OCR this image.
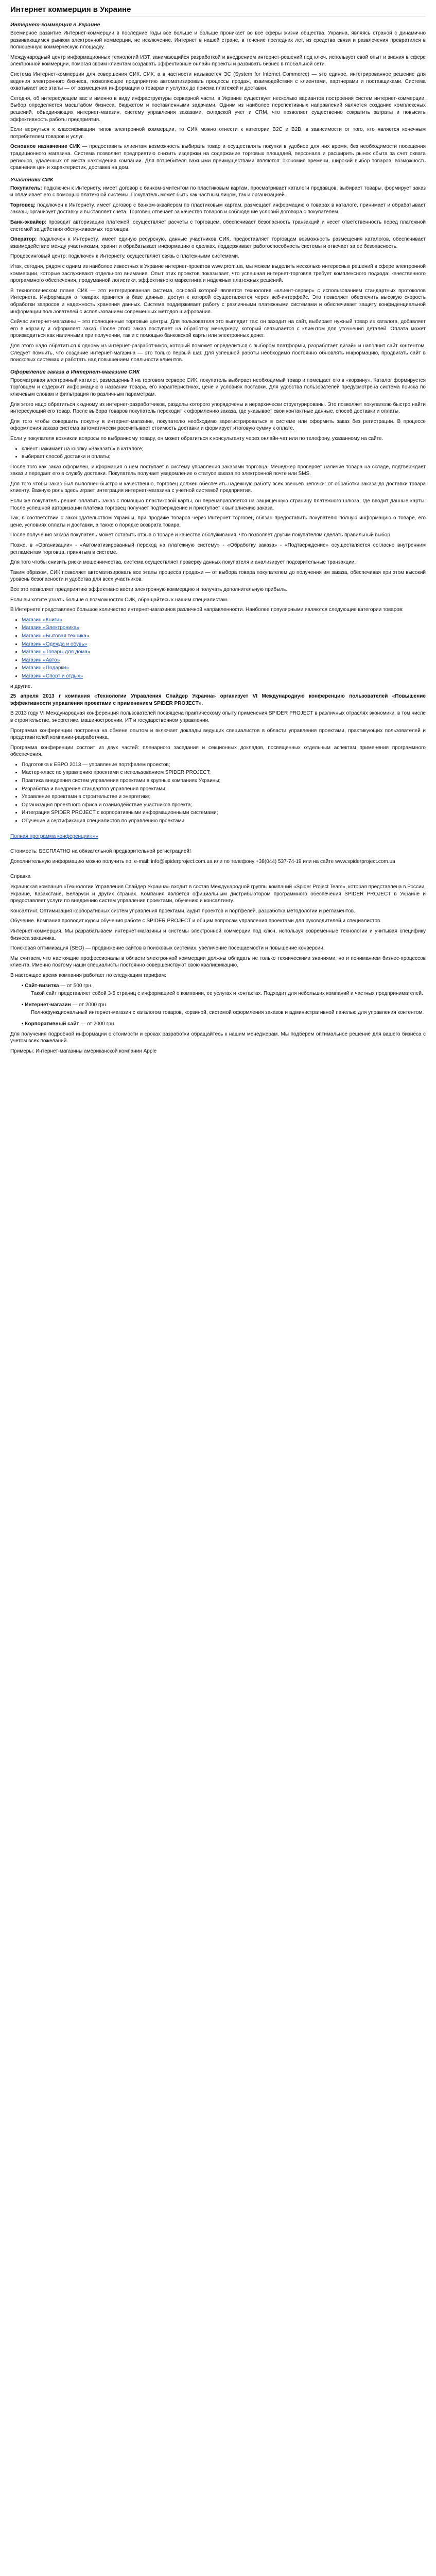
Интернет коммерция в Украине
Интернет-коммерция в Украине

Всемирное развитие Интернет-коммерции в последние годы все больше и больше проникает во все сферы жизни общества. Украина, являясь страной с динамично развивающимся рынком электронной коммерции, не исключение. Интернет в нашей стране, в течение последних лет, из средства связи и развлечения превратился в полноценную коммерческую площадку.

Международный центр информационных технологий ИЗТ, занимающийся разработкой и внедрением интернет-решений под ключ, использует свой опыт и знания в сфере электронной коммерции, помогая своим клиентам создавать эффективные онлайн-проекты и развивать бизнес в глобальной сети.

Система Интернет-коммерции для совершения СИК. СИК, а в частности называется ЭС (System for Internet Commerce) — это единое, интегрированное решение для ведения электронного бизнеса, позволяющее предприятию автоматизировать процессы продаж, взаимодействия с клиентами, партнерами и поставщиками. Система охватывает все этапы — от размещения информации о товарах и услугах до приема платежей и доставки.

Сегодня, об интересующем вас и именно в виду инфраструктуры серверной части, в Украине существует несколько вариантов построения систем интернет-коммерции. Выбор определяется масштабом бизнеса, бюджетом и поставленными задачами. Одним из наиболее перспективных направлений является создание комплексных решений, объединяющих интернет-магазин, систему управления заказами, складской учет и CRM, что позволяет существенно сократить затраты и повысить эффективность работы предприятия.

Если вернуться к классификации типов электронной коммерции, то СИК можно отнести к категории B2C и B2B, в зависимости от того, кто является конечным потребителем товаров и услуг.

Основное назначение СИК — предоставить клиентам возможность выбирать товар и осуществлять покупки в удобное для них время, без необходимости посещения традиционного магазина. Система позволяет предприятию снизить издержки на содержание торговых площадей, персонала и расширить рынок сбыта за счет охвата регионов, удаленных от места нахождения компании. Для потребителя важными преимуществами являются: экономия времени, широкий выбор товаров, возможность сравнения цен и характеристик, доставка на дом.

Участники СИК

Покупатель: подключен к Интернету, имеет договор с банком-эмитентом по пластиковым картам, просматривает каталоги продавцов, выбирает товары, формирует заказ и оплачивает его с помощью платежной системы. Покупатель может быть как частным лицом, так и организацией.

Торговец: подключен к Интернету, имеет договор с банком-эквайером по пластиковым картам, размещает информацию о товарах в каталоге, принимает и обрабатывает заказы, организует доставку и выставляет счета. Торговец отвечает за качество товаров и соблюдение условий договора с покупателем.

Банк-эквайер: проводит авторизацию платежей, осуществляет расчеты с торговцем, обеспечивает безопасность транзакций и несет ответственность перед платежной системой за действия обслуживаемых торговцев.

Оператор: подключен к Интернету, имеет единую ресурсную, данные участников СИК, предоставляет торговцам возможность размещения каталогов, обеспечивает взаимодействие между участниками, хранит и обрабатывает информацию о сделках, поддерживает работоспособность системы и отвечает за ее безопасность.

Процессинговый центр: подключен к Интернету, осуществляет связь с платежными системами.

Итак, сегодня, рядом с одним из наиболее известных в Украине интернет-проектов www.prom.ua, мы можем выделить несколько интересных решений в сфере электронной коммерции, которые заслуживают отдельного внимания. Опыт этих проектов показывает, что успешная интернет-торговля требует комплексного подхода: качественного программного обеспечения, продуманной логистики, эффективного маркетинга и надежных платежных решений.

В технологическом плане СИК — это интегрированная система, основой которой является технология «клиент-сервер» с использованием стандартных протоколов Интернета. Информация о товарах хранится в базе данных, доступ к которой осуществляется через веб-интерфейс. Это позволяет обеспечить высокую скорость обработки запросов и надежность хранения данных. Система поддерживает работу с различными платежными системами и обеспечивает защиту конфиденциальной информации пользователей с использованием современных методов шифрования.

Сейчас интернет-магазины – это полноценные торговые центры. Для пользователя это выглядит так: он заходит на сайт, выбирает нужный товар из каталога, добавляет его в корзину и оформляет заказ. После этого заказ поступает на обработку менеджеру, который связывается с клиентом для уточнения деталей. Оплата может производиться как наличными при получении, так и с помощью банковской карты или электронных денег.

Для этого надо обратиться к одному из интернет-разработчиков, который поможет определиться с выбором платформы, разработает дизайн и наполнит сайт контентом. Следует помнить, что создание интернет-магазина — это только первый шаг. Для успешной работы необходимо постоянно обновлять информацию, продвигать сайт в поисковых системах и работать над повышением лояльности клиентов.

Оформление заказа в Интернет-магазине СИК

Просматривая электронный каталог, размещенный на торговом сервере СИК, покупатель выбирает необходимый товар и помещает его в «корзину». Каталог формируется торговцем и содержит информацию о названии товара, его характеристиках, цене и условиях поставки. Для удобства пользователей предусмотрена система поиска по ключевым словам и фильтрация по различным параметрам.

Для этого надо обратиться к одному из интернет-разработчиков, разделы которого упорядочены и иерархически структурированы. Это позволяет покупателю быстро найти интересующий его товар. После выбора товаров покупатель переходит к оформлению заказа, где указывает свои контактные данные, способ доставки и оплаты.

Для того чтобы совершить покупку в интернет-магазине, покупателю необходимо зарегистрироваться в системе или оформить заказ без регистрации. В процессе оформления заказа система автоматически рассчитывает стоимость доставки и формирует итоговую сумму к оплате.

Если у покупателя возникли вопросы по выбранному товару, он может обратиться к консультанту через онлайн-чат или по телефону, указанному на сайте.

• клиент нажимает на кнопку «Заказать» в каталоге;
• выбирает способ доставки и оплаты;

После того как заказ оформлен, информация о нем поступает в систему управления заказами торговца. Менеджер проверяет наличие товара на складе, подтверждает заказ и передает его в службу доставки. Покупатель получает уведомление о статусе заказа по электронной почте или SMS.

Для того чтобы заказ был выполнен быстро и качественно, торговец должен обеспечить надежную работу всех звеньев цепочки: от обработки заказа до доставки товара клиенту. Важную роль здесь играет интеграция интернет-магазина с учетной системой предприятия.

Если же покупатель решил оплатить заказ с помощью пластиковой карты, он перенаправляется на защищенную страницу платежного шлюза, где вводит данные карты. После успешной авторизации платежа торговец получает подтверждение и приступает к выполнению заказа.

Так, в соответствии с законодательством Украины, при продаже товаров через Интернет торговец обязан предоставить покупателю полную информацию о товаре, его цене, условиях оплаты и доставки, а также о порядке возврата товара.

После получения заказа покупатель может оставить отзыв о товаре и качестве обслуживания, что позволяет другим покупателям сделать правильный выбор.

Позже, в «Организации» - «Автоматизированный переход на платежную систему» - «Обработку заказа» - «Подтверждение» осуществляется согласно внутренним регламентам торговца, принятым в системе.

Для того чтобы снизить риски мошенничества, система осуществляет проверку данных покупателя и анализирует подозрительные транзакции.

Таким образом, СИК позволяет автоматизировать все этапы процесса продажи — от выбора товара покупателем до получения им заказа, обеспечивая при этом высокий уровень безопасности и удобства для всех участников.

Все это позволяет предприятию эффективно вести электронную коммерцию и получать дополнительную прибыль.

Если вы хотите узнать больше о возможностях СИК, обращайтесь к нашим специалистам.

В Интернете представлено большое количество интернет-магазинов различной направленности. Наиболее популярными являются следующие категории товаров:

• Магазин «Книги»
• Магазин «Электроника»
• Магазин «Бытовая техника»
• Магазин «Одежда и обувь»
• Магазин «Товары для дома»
• Магазин «Авто»
• Магазин «Подарки»
• Магазин «Спорт и отдых»

и другие.

25 апреля 2013 г компания «Технологии Управления Спайдер Украина» организует VI Международную конференцию пользователей «Повышение эффективности управления проектами с применением SPIDER PROJECT».

В 2013 году VI Международная конференция пользователей посвящена практическому опыту применения SPIDER PROJECT в различных отраслях экономики, в том числе в строительстве, энергетике, машиностроении, ИТ и государственном управлении.

Программа конференции построена на обмене опытом и включает доклады ведущих специалистов в области управления проектами, практикующих пользователей и представителей компании-разработчика.

Программа конференции состоит из двух частей: пленарного заседания и секционных докладов, посвященных отдельным аспектам применения программного обеспечения.

• Подготовка к EBPO 2013 — управление портфелем проектов;
• Мастер-класс по управлению проектами с использованием SPIDER PROJECT;
• Практика внедрения систем управления проектами в крупных компаниях Украины;
• Разработка и внедрение стандартов управления проектами;
• Управление проектами в строительстве и энергетике;
• Организация проектного офиса и взаимодействие участников проекта;
• Интеграция SPIDER PROJECT с корпоративными информационными системами;
• Обучение и сертификация специалистов по управлению проектами.

Полная программа конференции»»»

Стоимость: БЕСПЛАТНО на обязательной предварительной регистрацией!

Дополнительную информацию можно получить по: e-mail: info@spiderproject.com.ua или по телефону +38(044) 537-74-19 или на сайте www.spiderproject.com.ua

Справка

Украинская компания «Технологии Управления Спайдер Украина» входит в состав Международной группы компаний «Spider Project Team», которая представлена в России, Украине, Казахстане, Беларуси и других странах. Компания является официальным дистрибьютором программного обеспечения SPIDER PROJECT в Украине и предоставляет услуги по внедрению систем управления проектами, обучению и консалтингу.

Консалтинг. Оптимизация корпоративных систем управления проектами, аудит проектов и портфелей, разработка методологии и регламентов.

Обучение. Компания проводит курсы обучения работе с SPIDER PROJECT и общим вопросам управления проектами для руководителей и специалистов.

Интернет-коммерция. Мы разрабатываем интернет-магазины и системы электронной коммерции под ключ, используя современные технологии и учитывая специфику бизнеса заказчика.

Поисковая оптимизация (SEO) — продвижение сайтов в поисковых системах, увеличение посещаемости и повышение конверсии.

Мы считаем, что настоящие профессионалы в области электронной коммерции должны обладать не только техническими знаниями, но и пониманием бизнес-процессов клиента. Именно поэтому наши специалисты постоянно совершенствуют свою квалификацию.

В настоящее время компания работает по следующим тарифам:

• Сайт-визитка — от 500 грн.
Такой сайт представляет собой 3-5 страниц с информацией о компании, ее услугах и контактах. Подходит для небольших компаний и частных предпринимателей.
• Интернет-магазин — от 2000 грн.
Полнофункциональный интернет-магазин с каталогом товаров, корзиной, системой оформления заказов и административной панелью для управления контентом.
• Корпоративный сайт — от 2000 грн.

Для получения подробной информации о стоимости и сроках разработки обращайтесь к нашим менеджерам. Мы подберем оптимальное решение для вашего бизнеса с учетом всех пожеланий.

Примеры: Интернет-магазины американской компании Apple
